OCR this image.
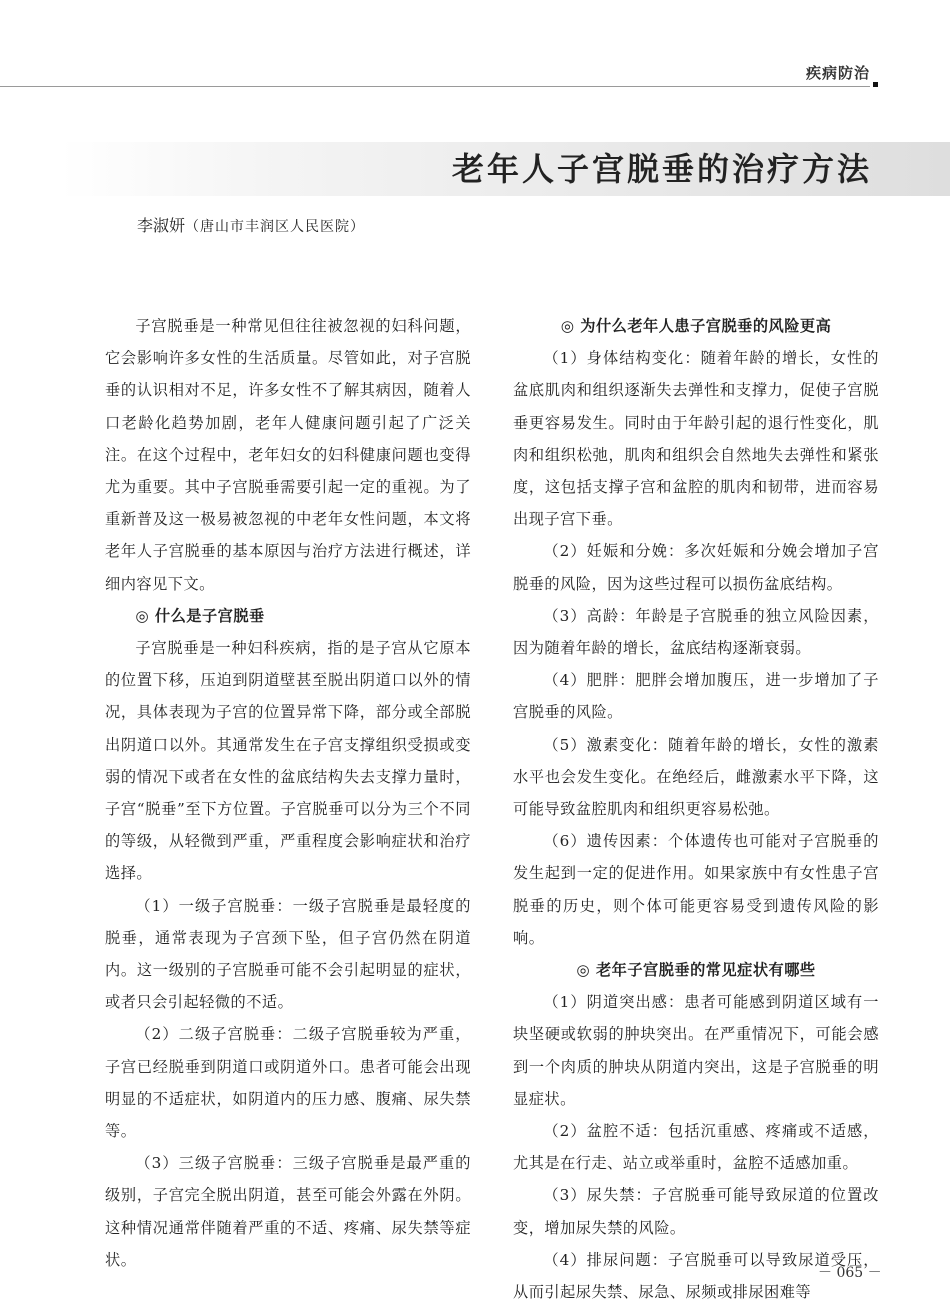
疾病防治
老年人子宫脱垂的治疗方法
李淑妍（唐山市丰润区人民医院）

子宫脱垂是一种常见但往往被忽视的妇科问题，它会影响许多女性的生活质量。尽管如此，对子宫脱垂的认识相对不足，许多女性不了解其病因，随着人口老龄化趋势加剧，老年人健康问题引起了广泛关注。在这个过程中，老年妇女的妇科健康问题也变得尤为重要。其中子宫脱垂需要引起一定的重视。为了重新普及这一极易被忽视的中老年女性问题，本文将老年人子宫脱垂的基本原因与治疗方法进行概述，详细内容见下文。

◎ 什么是子宫脱垂

子宫脱垂是一种妇科疾病，指的是子宫从它原本的位置下移，压迫到阴道壁甚至脱出阴道口以外的情况，具体表现为子宫的位置异常下降，部分或全部脱出阴道口以外。其通常发生在子宫支撑组织受损或变弱的情况下或者在女性的盆底结构失去支撑力量时，子宫“脱垂”至下方位置。子宫脱垂可以分为三个不同的等级，从轻微到严重，严重程度会影响症状和治疗选择。

（1）一级子宫脱垂：一级子宫脱垂是最轻度的脱垂，通常表现为子宫颈下坠，但子宫仍然在阴道内。这一级别的子宫脱垂可能不会引起明显的症状，或者只会引起轻微的不适。

（2）二级子宫脱垂：二级子宫脱垂较为严重，子宫已经脱垂到阴道口或阴道外口。患者可能会出现明显的不适症状，如阴道内的压力感、腹痛、尿失禁等。

（3）三级子宫脱垂：三级子宫脱垂是最严重的级别，子宫完全脱出阴道，甚至可能会外露在外阴。这种情况通常伴随着严重的不适、疼痛、尿失禁等症状。

◎ 为什么老年人患子宫脱垂的风险更高

（1）身体结构变化：随着年龄的增长，女性的盆底肌肉和组织逐渐失去弹性和支撑力，促使子宫脱垂更容易发生。同时由于年龄引起的退行性变化，肌肉和组织松弛，肌肉和组织会自然地失去弹性和紧张度，这包括支撑子宫和盆腔的肌肉和韧带，进而容易出现子宫下垂。

（2）妊娠和分娩：多次妊娠和分娩会增加子宫脱垂的风险，因为这些过程可以损伤盆底结构。

（3）高龄：年龄是子宫脱垂的独立风险因素，因为随着年龄的增长，盆底结构逐渐衰弱。

（4）肥胖：肥胖会增加腹压，进一步增加了子宫脱垂的风险。

（5）激素变化：随着年龄的增长，女性的激素水平也会发生变化。在绝经后，雌激素水平下降，这可能导致盆腔肌肉和组织更容易松弛。

（6）遗传因素：个体遗传也可能对子宫脱垂的发生起到一定的促进作用。如果家族中有女性患子宫脱垂的历史，则个体可能更容易受到遗传风险的影响。

◎ 老年子宫脱垂的常见症状有哪些

（1）阴道突出感：患者可能感到阴道区域有一块坚硬或软弱的肿块突出。在严重情况下，可能会感到一个肉质的肿块从阴道内突出，这是子宫脱垂的明显症状。

（2）盆腔不适：包括沉重感、疼痛或不适感，尤其是在行走、站立或举重时，盆腔不适感加重。

（3）尿失禁：子宫脱垂可能导致尿道的位置改变，增加尿失禁的风险。

（4）排尿问题：子宫脱垂可以导致尿道受压，从而引起尿失禁、尿急、尿频或排尿困难等

－ 065 －
